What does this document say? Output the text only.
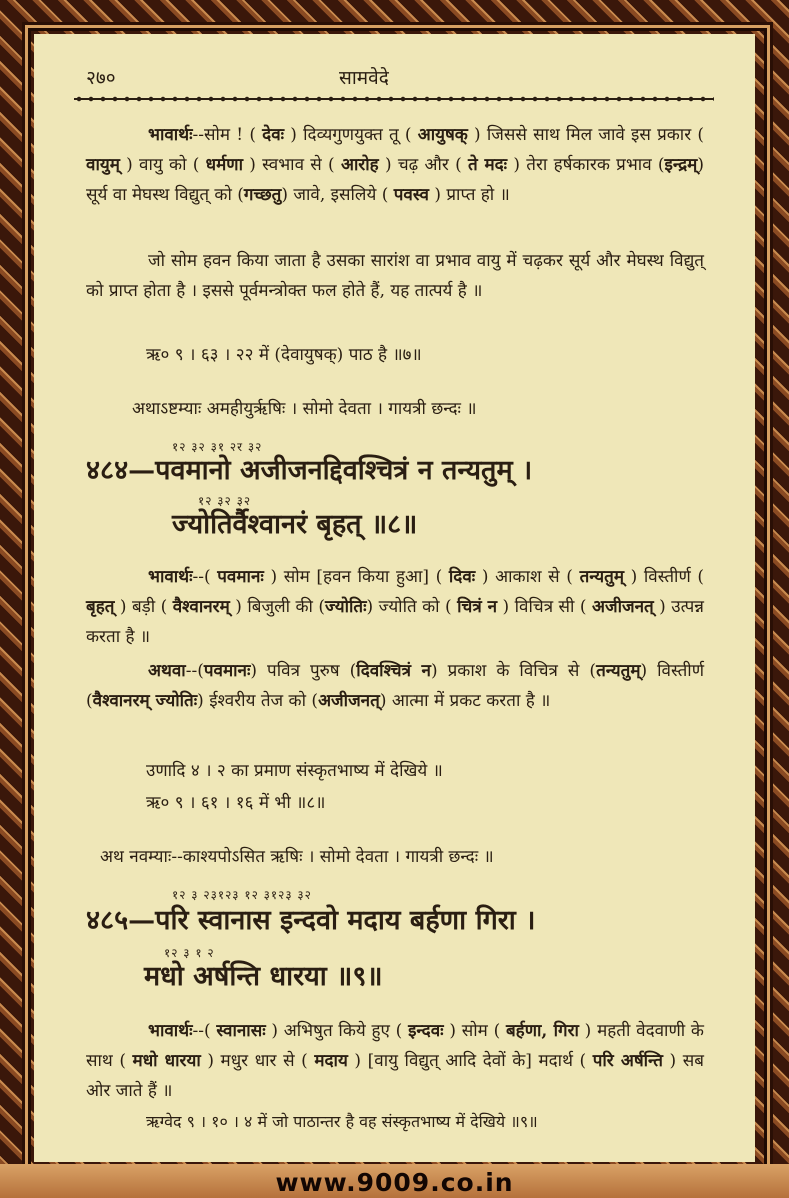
२७०	सामवेदे

भावार्थः--सोम ! ( देवः ) दिव्यगुणयुक्त तू ( आयुषक् ) जिससे साथ मिल जावे इस प्रकार ( वायुम् ) वायु को ( धर्मणा ) स्वभाव से ( आरोह ) चढ़ और ( ते मदः ) तेरा हर्षकारक प्रभाव (इन्द्रम्) सूर्य वा मेघस्थ विद्युत् को (गच्छतु) जावे, इसलिये ( पवस्व ) प्राप्त हो ॥

जो सोम हवन किया जाता है उसका सारांश वा प्रभाव वायु में चढ़कर सूर्य और मेघस्थ विद्युत् को प्राप्त होता है । इससे पूर्वमन्त्रोक्त फल होते हैं, यह तात्पर्य है ॥

ऋ० ९ । ६३ । २२ में (देवायुषक्) पाठ है ॥७॥
अथाऽष्टम्याः अमहीयुर्ऋषिः । सोमो देवता । गायत्री छन्दः ॥
१२ ३२ ३१ २र ३२
४८४—पवमानो अजीजनद्दिवश्चित्रं न तन्यतुम् ।
१२ ३२ ३२
ज्योतिर्वैश्वानरं बृहत् ॥८॥

भावार्थः--( पवमानः ) सोम [हवन किया हुआ] ( दिवः ) आकाश से ( तन्यतुम् ) विस्तीर्ण ( बृहत् ) बड़ी ( वैश्वानरम् ) बिजुली की (ज्योतिः) ज्योति को ( चित्रं न ) विचित्र सी ( अजीजनत् ) उत्पन्न करता है ॥

अथवा--(पवमानः) पवित्र पुरुष (दिवश्चित्रं न) प्रकाश के विचित्र से (तन्यतुम्) विस्तीर्ण (वैश्वानरम् ज्योतिः) ईश्वरीय तेज को (अजीजनत्) आत्मा में प्रकट करता है ॥

उणादि ४ । २ का प्रमाण संस्कृतभाष्य में देखिये ॥
ऋ० ९ । ६१ । १६ में भी ॥८॥
अथ नवम्याः--काश्यपोऽसित ऋषिः । सोमो देवता । गायत्री छन्दः ॥
१२ ३ २३१२३ १२ ३१२३ ३२
४८५—परि स्वानास इन्दवो मदाय बर्हणा गिरा ।
१२ ३ १ २
मधो अर्षन्ति धारया ॥९॥

भावार्थः--( स्वानासः ) अभिषुत किये हुए ( इन्दवः ) सोम ( बर्हणा, गिरा ) महती वेदवाणी के साथ ( मधो धारया ) मधुर धार से ( मदाय ) [वायु विद्युत् आदि देवों के] मदार्थ ( परि अर्षन्ति ) सब ओर जाते हैं ॥

ऋग्वेद ९ । १० । ४ में जो पाठान्तर है वह संस्कृतभाष्य में देखिये ॥९॥
www.9009.co.in
